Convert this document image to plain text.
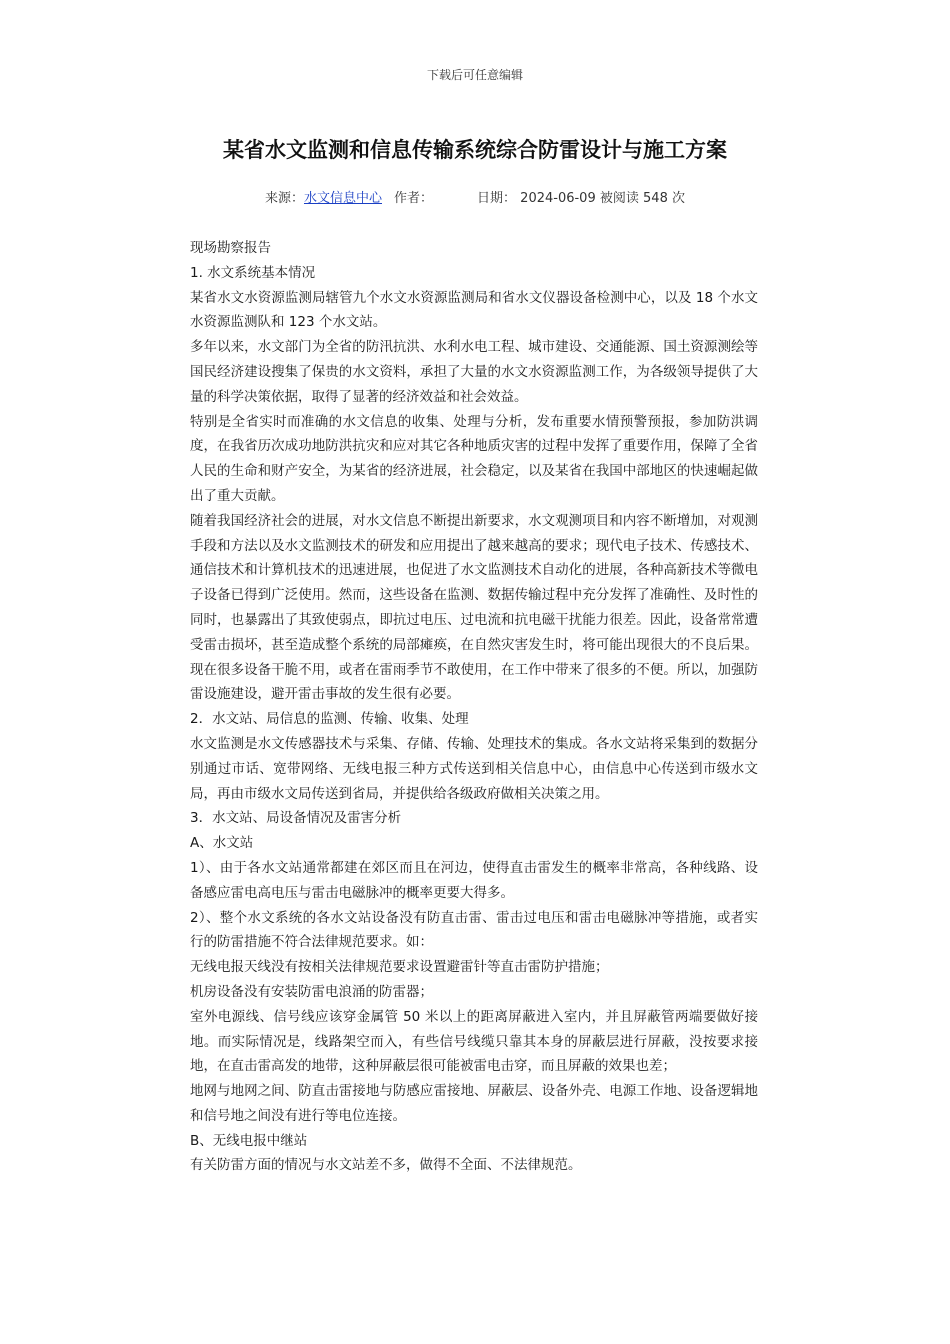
下载后可任意编辑
某省水文监测和信息传输系统综合防雷设计与施工方案
来源：水文信息中心 作者：	日期： 2024-06-09 被阅读 548 次

现场勘察报告

1. 水文系统基本情况

某省水文水资源监测局辖管九个水文水资源监测局和省水文仪器设备检测中心，以及 18 个水文水资源监测队和 123 个水文站。

多年以来，水文部门为全省的防汛抗洪、水利水电工程、城市建设、交通能源、国土资源测绘等国民经济建设搜集了保贵的水文资料，承担了大量的水文水资源监测工作，为各级领导提供了大量的科学决策依据，取得了显著的经济效益和社会效益。

特别是全省实时而准确的水文信息的收集、处理与分析，发布重要水情预警预报，参加防洪调度，在我省历次成功地防洪抗灾和应对其它各种地质灾害的过程中发挥了重要作用，保障了全省人民的生命和财产安全，为某省的经济进展，社会稳定，以及某省在我国中部地区的快速崛起做出了重大贡献。

随着我国经济社会的进展，对水文信息不断提出新要求，水文观测项目和内容不断增加，对观测手段和方法以及水文监测技术的研发和应用提出了越来越高的要求；现代电子技术、传感技术、通信技术和计算机技术的迅速进展，也促进了水文监测技术自动化的进展，各种高新技术等微电子设备已得到广泛使用。然而，这些设备在监测、数据传输过程中充分发挥了准确性、及时性的同时，也暴露出了其致使弱点，即抗过电压、过电流和抗电磁干扰能力很差。因此，设备常常遭受雷击损坏，甚至造成整个系统的局部瘫痪，在自然灾害发生时，将可能出现很大的不良后果。现在很多设备干脆不用，或者在雷雨季节不敢使用，在工作中带来了很多的不便。所以，加强防雷设施建设，避开雷击事故的发生很有必要。

2．水文站、局信息的监测、传输、收集、处理

水文监测是水文传感器技术与采集、存储、传输、处理技术的集成。各水文站将采集到的数据分别通过市话、宽带网络、无线电报三种方式传送到相关信息中心，由信息中心传送到市级水文局，再由市级水文局传送到省局，并提供给各级政府做相关决策之用。

3．水文站、局设备情况及雷害分析

A、水文站

1）、由于各水文站通常都建在郊区而且在河边，使得直击雷发生的概率非常高，各种线路、设备感应雷电高电压与雷击电磁脉冲的概率更要大得多。

2）、整个水文系统的各水文站设备没有防直击雷、雷击过电压和雷击电磁脉冲等措施，或者实行的防雷措施不符合法律规范要求。如：

无线电报天线没有按相关法律规范要求设置避雷针等直击雷防护措施；

机房设备没有安装防雷电浪涌的防雷器；

室外电源线、信号线应该穿金属管 50 米以上的距离屏蔽进入室内，并且屏蔽管两端要做好接地。而实际情况是，线路架空而入，有些信号线缆只靠其本身的屏蔽层进行屏蔽，没按要求接地，在直击雷高发的地带，这种屏蔽层很可能被雷电击穿，而且屏蔽的效果也差；

地网与地网之间、防直击雷接地与防感应雷接地、屏蔽层、设备外壳、电源工作地、设备逻辑地和信号地之间没有进行等电位连接。

B、无线电报中继站

有关防雷方面的情况与水文站差不多，做得不全面、不法律规范。
